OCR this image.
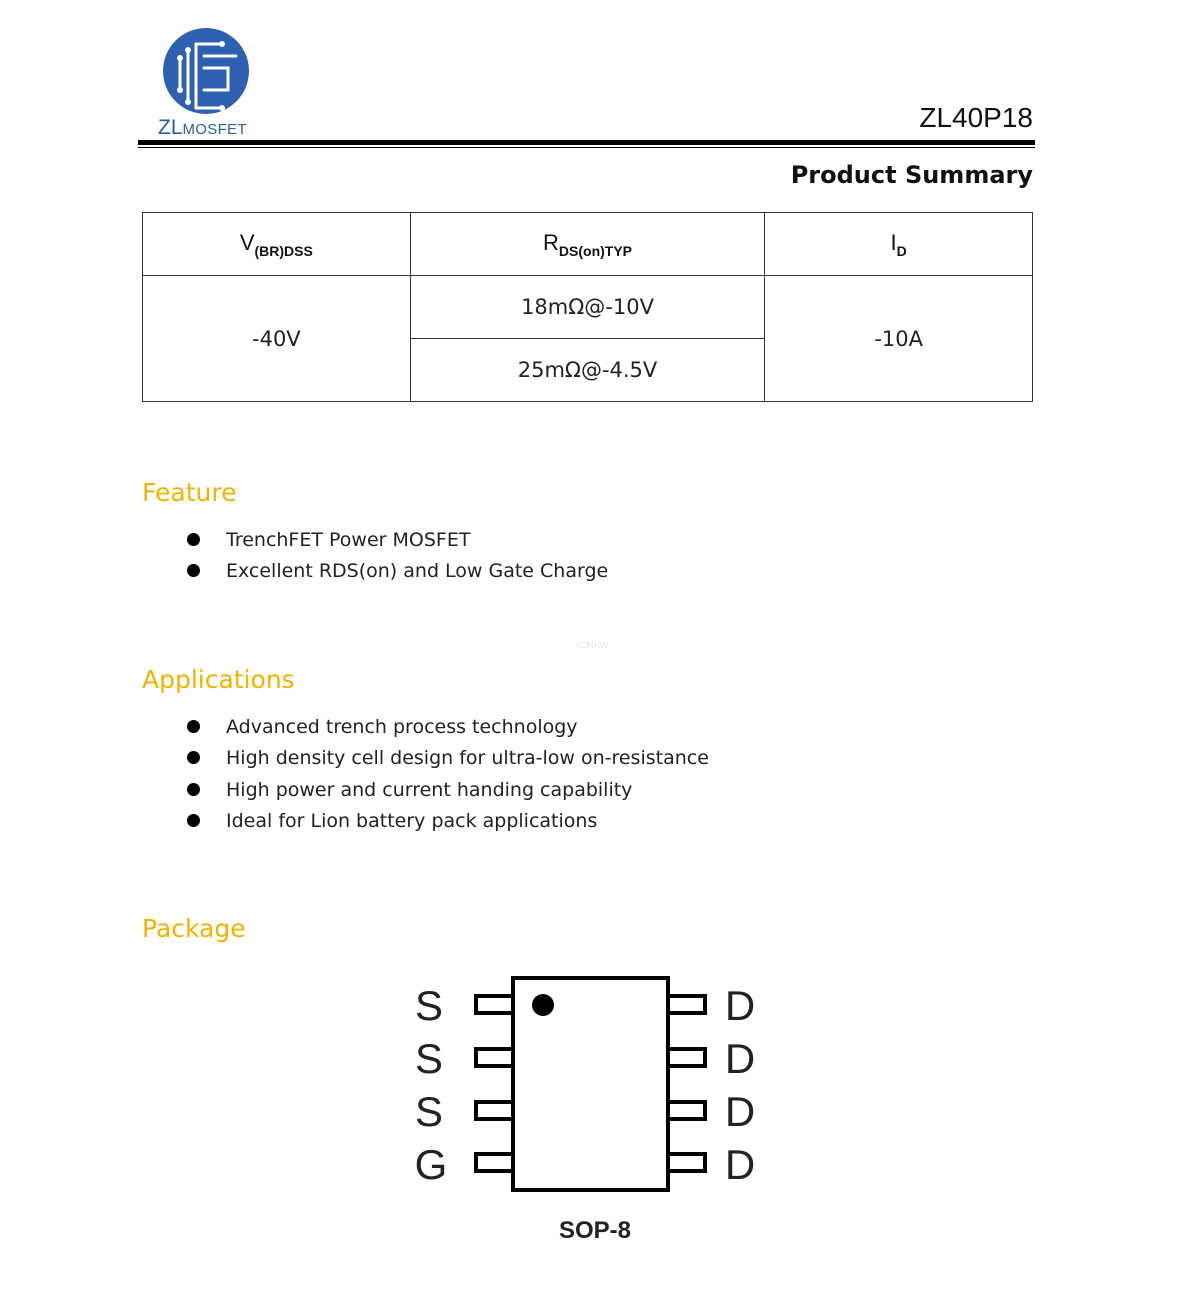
ZLMOSFET	ZL40P18
Product Summary
$V_{(BR)DSS}$	$R_{DS(on)TYP}$	$I_D$
-40V	18mΩ@-10V	-10A
	25mΩ@-4.5V	
Feature
TrenchFET Power MOSFET
Excellent RDS(on) and Low Gate Charge
ICMKW
Applications
Advanced trench process technology
High density cell design for ultra-low on-resistance
High power and current handing capability
Ideal for Lion battery pack applications
Package
S
S
S
G
D
D
D
D
SOP-8
